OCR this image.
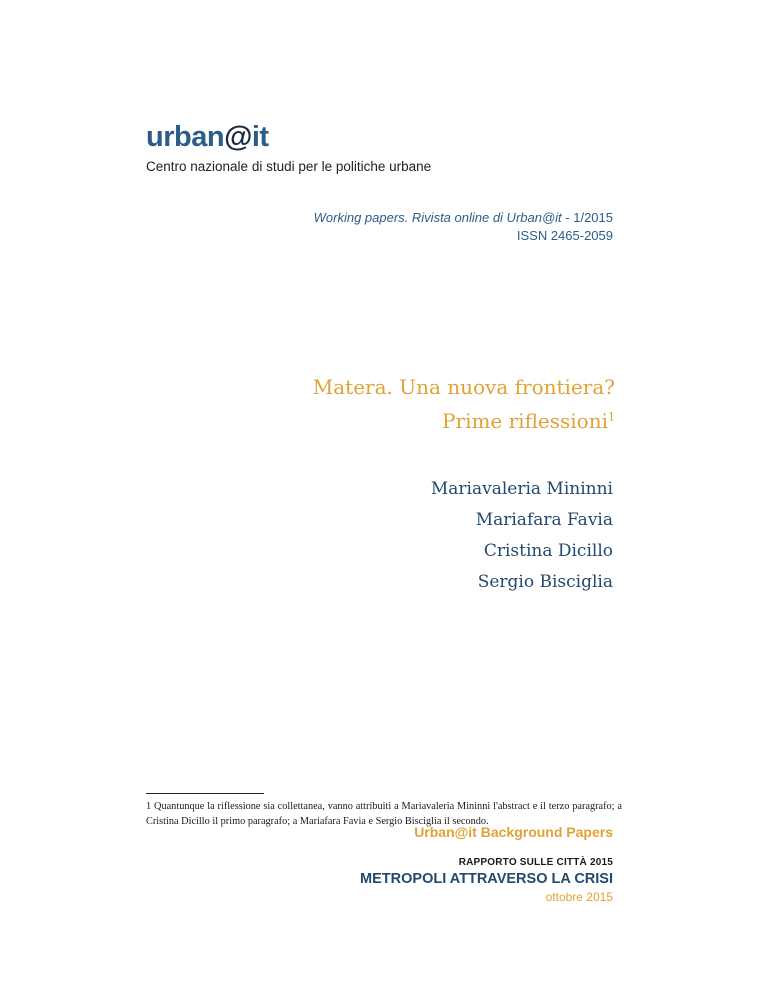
urban@it
Centro nazionale di studi per le politiche urbane
Working papers. Rivista online di Urban@it - 1/2015
ISSN 2465-2059
Matera. Una nuova frontiera?
Prime riflessioni$^1$
Mariavaleria Mininni
Mariafara Favia
Cristina Dicillo
Sergio Bisciglia
1 Quantunque la riflessione sia collettanea, vanno attribuiti a Mariavaleria Mininni l'abstract e il terzo paragrafo; a Cristina Dicillo il primo paragrafo; a Mariafara Favia e Sergio Bisciglia il secondo.
Urban@it Background Papers
RAPPORTO SULLE CITTÀ 2015
METROPOLI ATTRAVERSO LA CRISI
ottobre 2015
